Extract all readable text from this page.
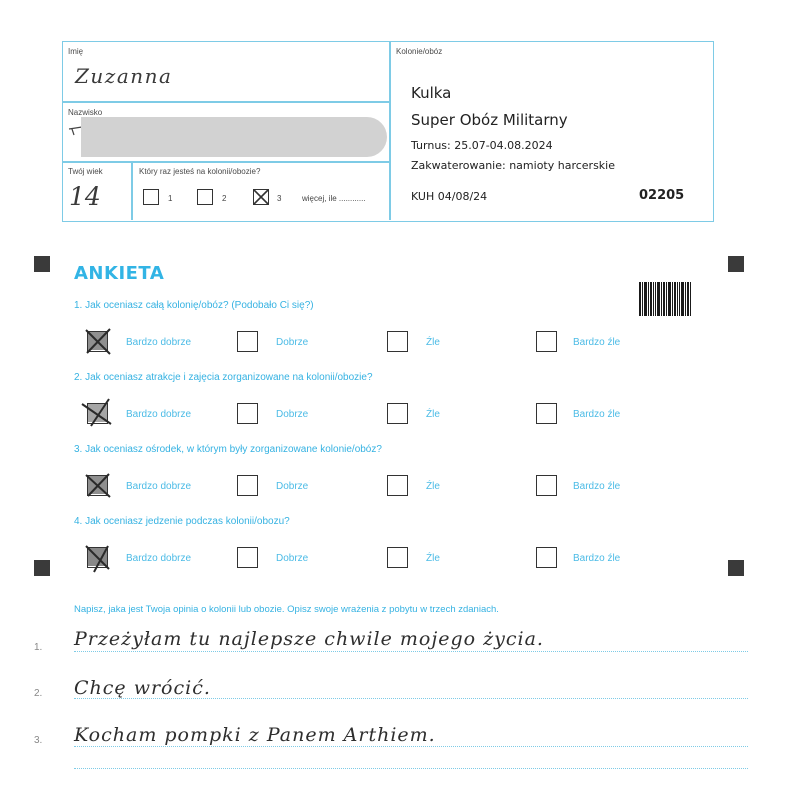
Imię
Zuzanna
Nazwisko
Twój wiek
14
Który raz jesteś na kolonii/obozie?
1	2	3	więcej, ile ............
Kolonie/obóz
Kulka
Super Obóz Militarny
Turnus: 25.07-04.08.2024
Zakwaterowanie: namioty harcerskie
KUH 04/08/24	02205
ANKIETA
1. Jak oceniasz całą kolonię/obóz? (Podobało Ci się?)
Bardzo dobrze	Dobrze	Źle	Bardzo źle
2. Jak oceniasz atrakcje i zajęcia zorganizowane na kolonii/obozie?
Bardzo dobrze	Dobrze	Źle	Bardzo źle
3. Jak oceniasz ośrodek, w którym były zorganizowane kolonie/obóz?
Bardzo dobrze	Dobrze	Źle	Bardzo źle
4. Jak oceniasz jedzenie podczas kolonii/obozu?
Bardzo dobrze	Dobrze	Źle	Bardzo źle
Napisz, jaka jest Twoja opinia o kolonii lub obozie. Opisz swoje wrażenia z pobytu w trzech zdaniach.
1. Przeżyłam tu najlepsze chwile mojego życia.
2. Chcę wrócić.
3. Kocham pompki z Panem Arthiem.
